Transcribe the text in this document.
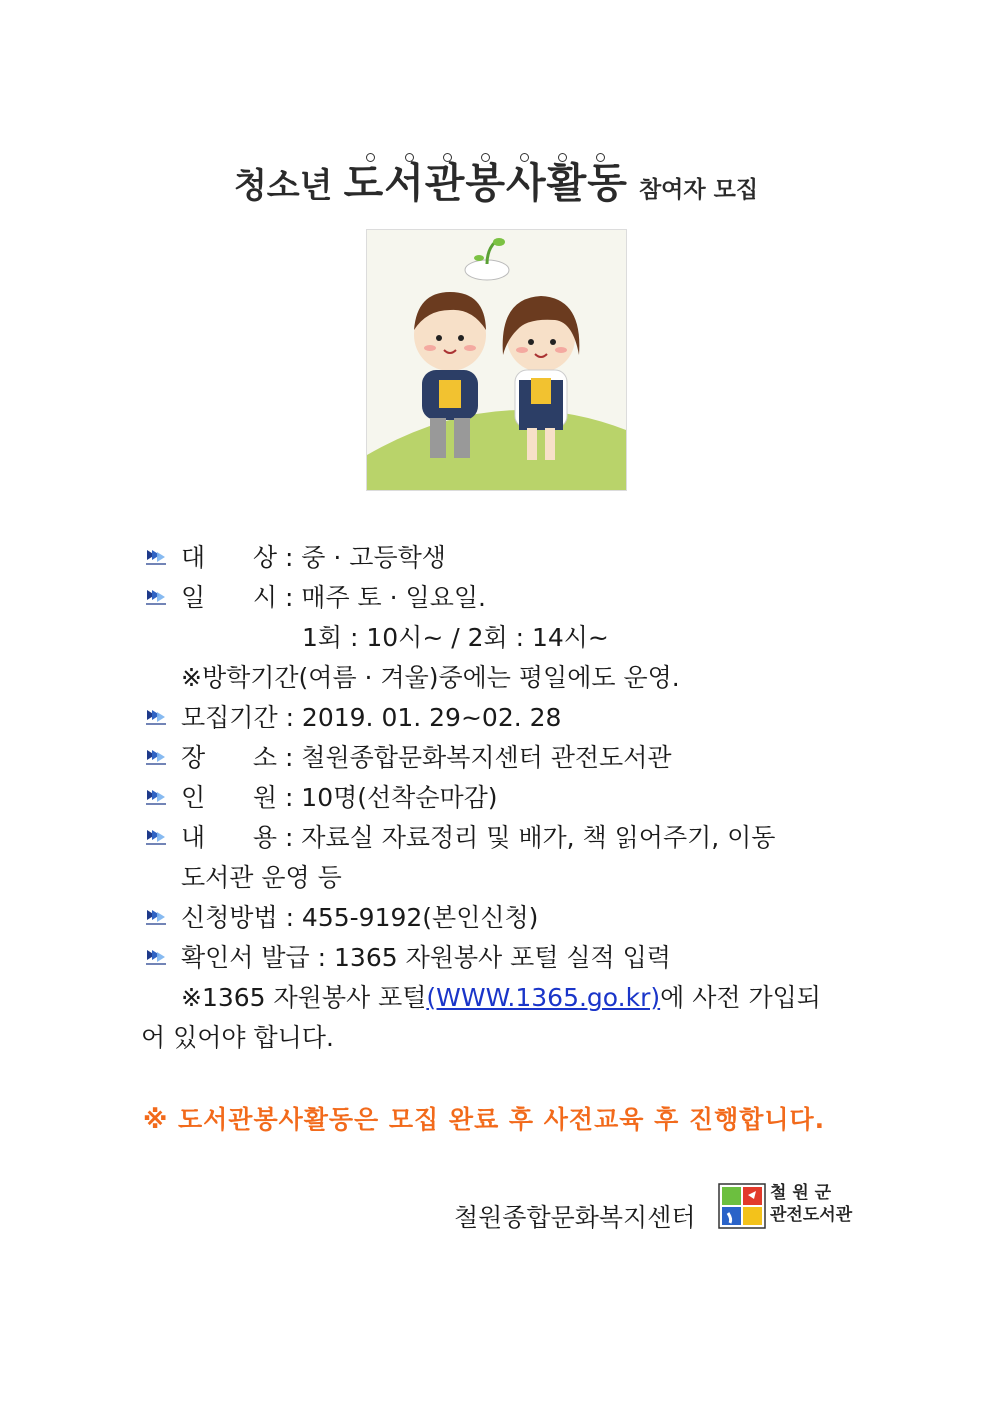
청소년 도서관봉사활동 참여자 모집
대      상 : 중 · 고등학생
일      시 : 매주 토 · 일요일.
1회 : 10시~ / 2회 : 14시~
※방학기간(여름 · 겨울)중에는 평일에도 운영.
모집기간 : 2019. 01. 29~02. 28
장      소 : 철원종합문화복지센터 관전도서관
인      원 : 10명(선착순마감)
내      용 : 자료실 자료정리 및 배가, 책 읽어주기, 이동
도서관 운영 등
신청방법 : 455-9192(본인신청)
확인서 발급 : 1365 자원봉사 포털 실적 입력
※1365 자원봉사 포털(WWW.1365.go.kr)에 사전 가입되
어 있어야 합니다.
※ 도서관봉사활동은 모집 완료 후 사전교육 후 진행합니다.
철원종합문화복지센터
철 원 군
관전도서관
